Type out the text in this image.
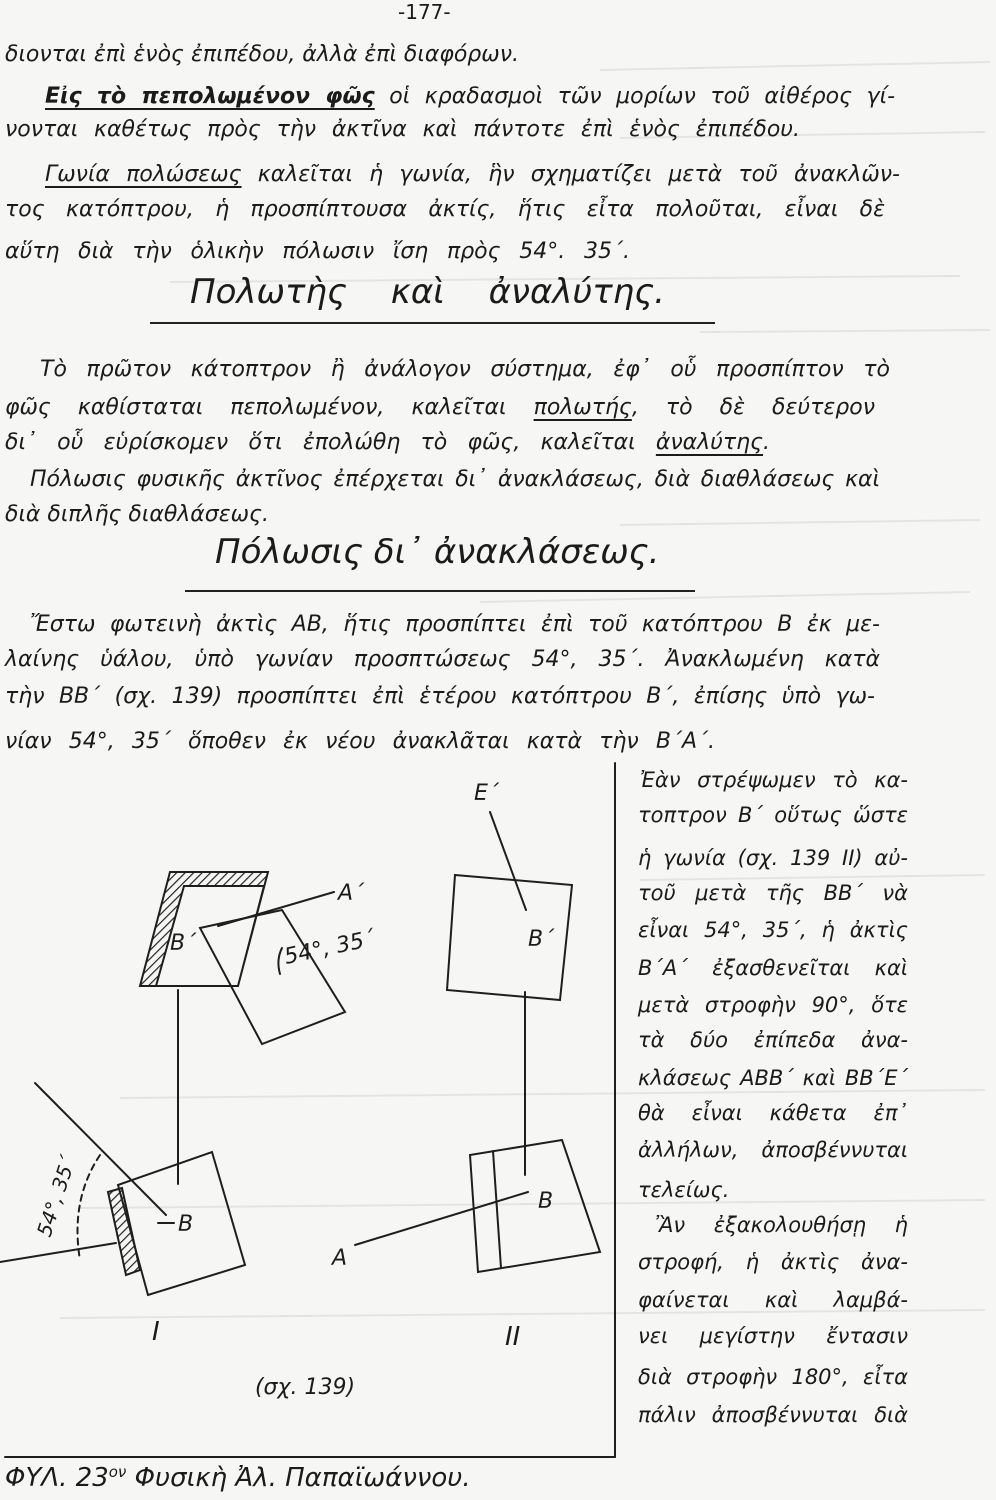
-177-
διονται ἐπὶ ἑνὸς ἐπιπέδου, ἀλλὰ ἐπὶ διαφόρων.
Εἰς τὸ πεπολωμένον φῶς οἱ κραδασμοὶ τῶν μορίων τοῦ αἰθέρος γί-
νονται καθέτως πρὸς τὴν ἀκτῖνα καὶ πάντοτε ἐπὶ ἑνὸς ἐπιπέδου.
Γωνία πολώσεως καλεῖται ἡ γωνία, ἣν σχηματίζει μετὰ τοῦ ἀνακλῶν-
τος κατόπτρου, ἡ προσπίπτουσα ἀκτίς, ἥτις εἶτα πολοῦται, εἶναι δὲ
αὕτη διὰ τὴν ὁλικὴν πόλωσιν ἴση πρὸς 54°. 35΄.
Πολωτὴς καὶ ἀναλύτης.
Τὸ πρῶτον κάτοπτρον ἢ ἀνάλογον σύστημα, ἐφ᾽ οὗ προσπίπτον τὸ
φῶς καθίσταται πεπολωμένον, καλεῖται πολωτής, τὸ δὲ δεύτερον
δι᾽ οὗ εὑρίσκομεν ὅτι ἐπολώθη τὸ φῶς, καλεῖται ἀναλύτης.
Πόλωσις φυσικῆς ἀκτῖνος ἐπέρχεται δι᾽ ἀνακλάσεως, διὰ διαθλάσεως καὶ
διὰ διπλῆς διαθλάσεως.
Πόλωσις δι᾽ ἀνακλάσεως.
Ἔστω φωτεινὴ ἀκτὶς ΑΒ, ἥτις προσπίπτει ἐπὶ τοῦ κατόπτρου Β ἐκ με-
λαίνης ὑάλου, ὑπὸ γωνίαν προσπτώσεως 54°, 35΄. Ἀνακλωμένη κατὰ
τὴν ΒΒ΄ (σχ. 139) προσπίπτει ἐπὶ ἑτέρου κατόπτρου Β΄, ἐπίσης ὑπὸ γω-
νίαν 54°, 35΄ ὅποθεν ἐκ νέου ἀνακλᾶται κατὰ τὴν Β΄Α΄.
Ἐὰν στρέψωμεν τὸ κα-
τοπτρον Β΄ οὕτως ὥστε
ἡ γωνία (σχ. 139 II) αὐ-
τοῦ μετὰ τῆς ΒΒ΄ νὰ
εἶναι 54°, 35΄, ἡ ἀκτὶς
Β΄Α΄ ἐξασθενεῖται καὶ
μετὰ στροφὴν 90°, ὅτε
τὰ δύο ἐπίπεδα ἀνα-
κλάσεως ΑΒΒ΄ καὶ ΒΒ΄Ε΄
θὰ εἶναι κάθετα ἐπ᾽
ἀλλήλων, ἀποσβέννυται
τελείως.
Ἂν ἐξακολουθήσῃ ἡ
στροφή, ἡ ἀκτὶς ἀνα-
φαίνεται καὶ λαμβά-
νει μεγίστην ἔντασιν
διὰ στροφὴν 180°, εἶτα
πάλιν ἀποσβέννυται διὰ
Β΄
Α΄
54°, 35΄
Β
54°, 35΄
I
Ε΄
Β΄
Β
Α
II
(σχ. 139)
ΦΥΛ. $23^{o\nu}$ Φυσικὴ Ἀλ. Παπαϊωάννου.
